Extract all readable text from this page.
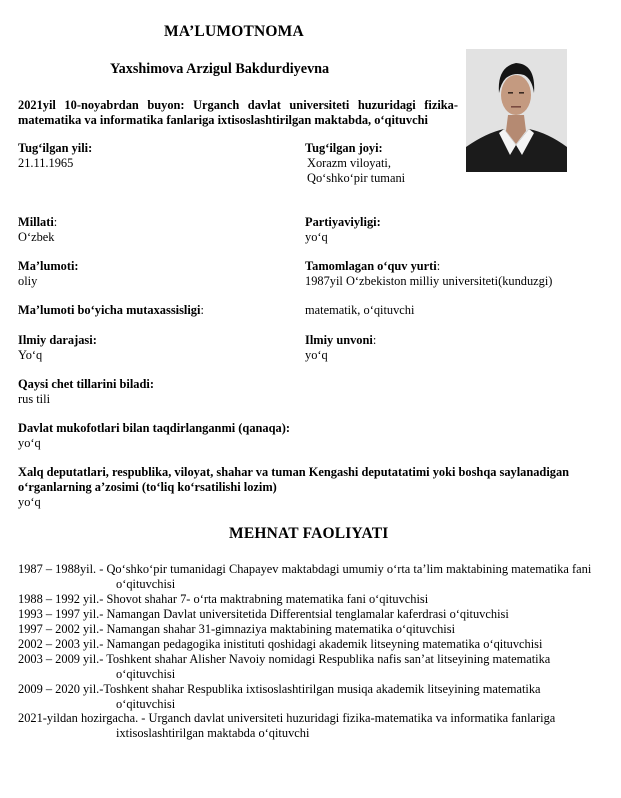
MA’LUMOTNOMA
Yaxshimova Arzigul Bakdurdiyevna
2021yil 10-noyabrdan buyon: Urganch davlat universiteti huzuridagi fizika-
matematika va informatika fanlariga ixtisoslashtirilgan maktabda, o‘qituvchi
Tug‘ilgan yili:
21.11.1965
Tug‘ilgan joyi:
Xorazm viloyati,
Qo‘shko‘pir tumani
Millati:
O‘zbek
Partiyaviyligi:
yo‘q
Ma’lumoti:
oliy
Tamomlagan o‘quv yurti:
1987yil O‘zbekiston milliy universiteti(kunduzgi)
Ma’lumoti bo‘yicha mutaxassisligi:	matematik, o‘qituvchi
Ilmiy darajasi:
Yo‘q
Ilmiy unvoni:
yo‘q
Qaysi chet tillarini biladi:
rus tili
Davlat mukofotlari bilan taqdirlanganmi (qanaqa):
yo‘q
Xalq deputatlari, respublika, viloyat, shahar va tuman Kengashi deputatatimi yoki boshqa saylanadigan
o‘rganlarning a’zosimi (to‘liq ko‘rsatilishi lozim)
yo‘q
MEHNAT FAOLIYATI
1987 – 1988yil. - Qo‘shko‘pir tumanidagi Chapayev maktabdagi umumiy o‘rta ta’lim maktabining matematika fani
o‘qituvchisi
1988 – 1992 yil.- Shovot shahar 7- o‘rta maktrabning matematika fani o‘qituvchisi
1993 – 1997 yil.- Namangan Davlat universitetida Differentsial tenglamalar kaferdrasi o‘qituvchisi
1997 – 2002 yil.- Namangan shahar 31-gimnaziya maktabining matematika o‘qituvchisi
2002 – 2003 yil.- Namangan pedagogika inistituti qoshidagi akademik litseyning matematika o‘qituvchisi
2003 – 2009 yil.- Toshkent shahar Alisher Navoiy nomidagi Respublika nafis san’at litseyining matematika
o‘qituvchisi
2009 – 2020 yil.-Toshkent shahar Respublika ixtisoslashtirilgan musiqa akademik litseyining matematika
o‘qituvchisi
2021-yildan hozirgacha. - Urganch davlat universiteti huzuridagi fizika-matematika va informatika fanlariga
ixtisoslashtirilgan maktabda o‘qituvchi
